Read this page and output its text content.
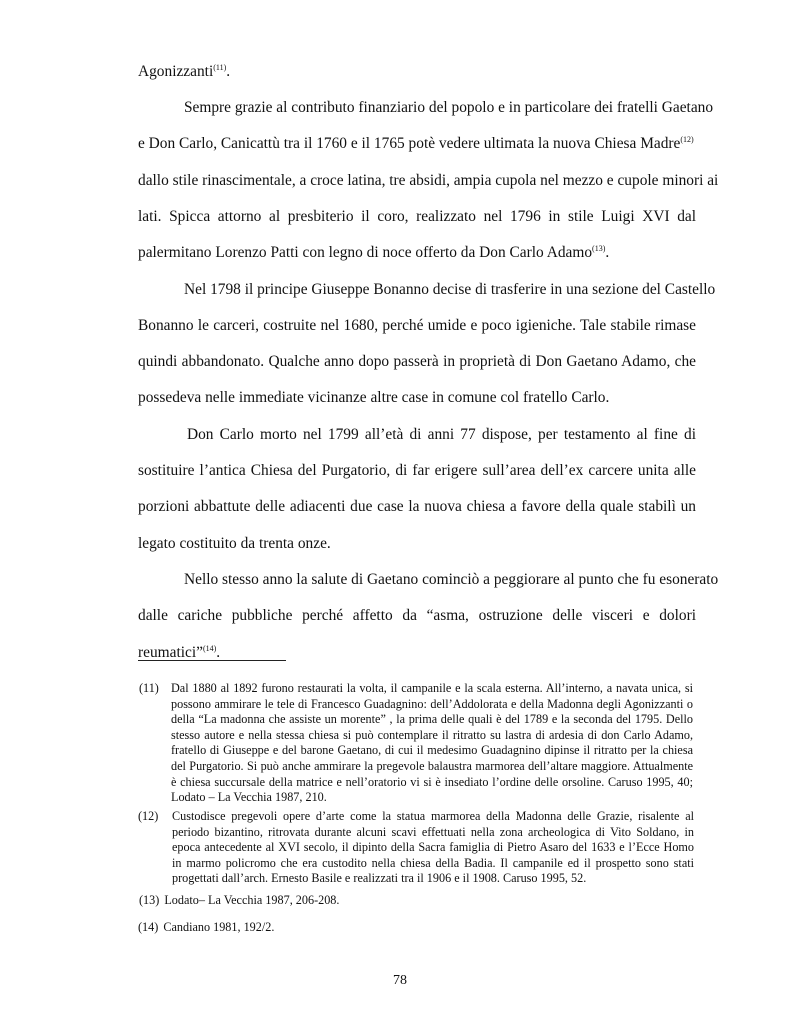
Agonizzanti$^{(11)}$.
Sempre grazie al contributo finanziario del popolo e in particolare dei fratelli Gaetano
e Don Carlo, Canicattù tra il 1760 e il 1765 potè vedere ultimata la nuova Chiesa Madre$^{(12)}$
dallo stile rinascimentale, a croce latina, tre absidi, ampia cupola nel mezzo e cupole minori ai
lati. Spicca attorno al presbiterio il coro, realizzato nel 1796 in stile Luigi XVI dal
palermitano Lorenzo Patti con legno di noce offerto da Don Carlo Adamo$^{(13)}$.
Nel 1798 il principe Giuseppe Bonanno decise di trasferire in una sezione del Castello
Bonanno le carceri, costruite nel 1680, perché umide e poco igieniche. Tale stabile rimase
quindi abbandonato. Qualche anno dopo passerà in proprietà di Don Gaetano Adamo, che
possedeva nelle immediate vicinanze altre case in comune col fratello Carlo.
Don Carlo morto nel 1799 all’età di anni 77 dispose, per testamento al fine di
sostituire l’antica Chiesa del Purgatorio, di far erigere sull’area dell’ex carcere unita alle
porzioni abbattute delle adiacenti due case la nuova chiesa a favore della quale stabilì un
legato costituito da trenta onze.
Nello stesso anno la salute di Gaetano cominciò a peggiorare al punto che fu esonerato
dalle cariche pubbliche perché affetto da “asma, ostruzione delle visceri e dolori
reumatici”$^{(14)}$.
(11) Dal 1880 al 1892 furono restaurati la volta, il campanile e la scala esterna. All’interno, a navata unica, si
possono ammirare le tele di Francesco Guadagnino: dell’Addolorata e della Madonna degli Agonizzanti o
della “La madonna che assiste un morente” , la prima delle quali è del 1789 e la seconda del 1795. Dello
stesso autore e nella stessa chiesa si può contemplare il ritratto su lastra di ardesia di don Carlo Adamo,
fratello di Giuseppe e del barone Gaetano, di cui il medesimo Guadagnino dipinse il ritratto per la chiesa
del Purgatorio. Si può anche ammirare la pregevole balaustra marmorea dell’altare maggiore. Attualmente
è chiesa succursale della matrice e nell’oratorio vi si è insediato l’ordine delle orsoline. Caruso 1995, 40;
Lodato – La Vecchia 1987, 210.
(12) Custodisce pregevoli opere d’arte come la statua marmorea della Madonna delle Grazie, risalente al
periodo bizantino, ritrovata durante alcuni scavi effettuati nella zona archeologica di Vito Soldano, in
epoca antecedente al XVI secolo, il dipinto della Sacra famiglia di Pietro Asaro del 1633 e l’Ecce Homo
in marmo policromo che era custodito nella chiesa della Badia. Il campanile ed il prospetto sono stati
progettati dall’arch. Ernesto Basile e realizzati tra il 1906 e il 1908. Caruso 1995, 52.
(13) Lodato– La Vecchia 1987, 206-208.
(14) Candiano 1981, 192/2.
78
